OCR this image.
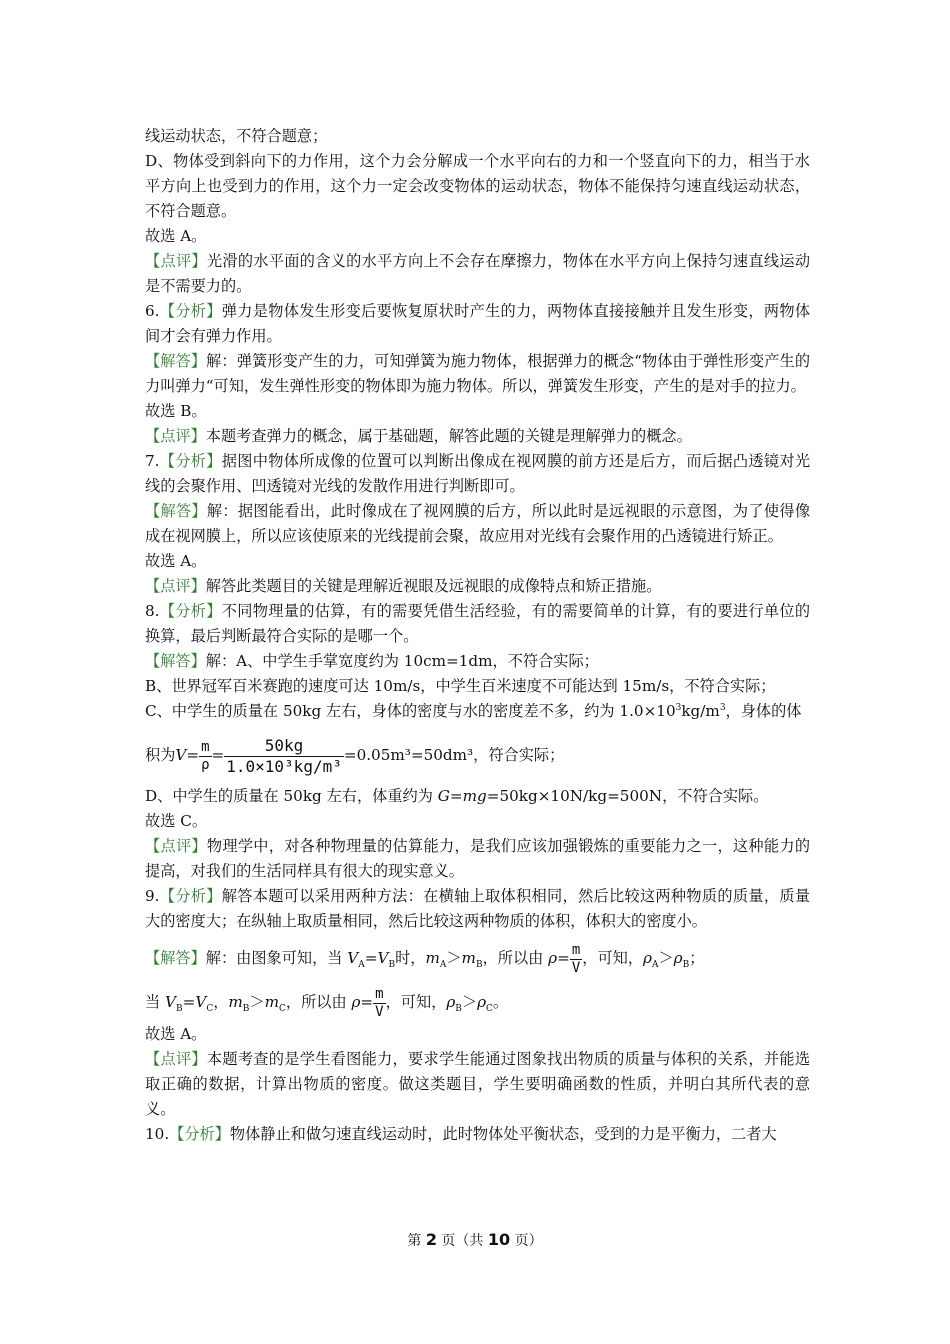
线运动状态，不符合题意；

D、物体受到斜向下的力作用，这个力会分解成一个水平向右的力和一个竖直向下的力，相当于水平方向上也受到力的作用，这个力一定会改变物体的运动状态，物体不能保持匀速直线运动状态，不符合题意。

故选 A。

【点评】光滑的水平面的含义的水平方向上不会存在摩擦力，物体在水平方向上保持匀速直线运动是不需要力的。

6.【分析】弹力是物体发生形变后要恢复原状时产生的力，两物体直接接触并且发生形变，两物体间才会有弹力作用。

【解答】解：弹簧形变产生的力，可知弹簧为施力物体，根据弹力的概念“物体由于弹性形变产生的力叫弹力“可知，发生弹性形变的物体即为施力物体。所以，弹簧发生形变，产生的是对手的拉力。

故选 B。

【点评】本题考查弹力的概念，属于基础题，解答此题的关键是理解弹力的概念。

7.【分析】据图中物体所成像的位置可以判断出像成在视网膜的前方还是后方，而后据凸透镜对光线的会聚作用、凹透镜对光线的发散作用进行判断即可。

【解答】解：据图能看出，此时像成在了视网膜的后方，所以此时是远视眼的示意图，为了使得像成在视网膜上，所以应该使原来的光线提前会聚，故应用对光线有会聚作用的凸透镜进行矫正。

故选 A。

【点评】解答此类题目的关键是理解近视眼及远视眼的成像特点和矫正措施。

8.【分析】不同物理量的估算，有的需要凭借生活经验，有的需要简单的计算，有的要进行单位的换算，最后判断最符合实际的是哪一个。

【解答】解：A、中学生手掌宽度约为 10cm=1dm，不符合实际；

B、世界冠军百米赛跑的速度可达 10m/s，中学生百米速度不可能达到 15m/s，不符合实际；

C、中学生的质量在 50kg 左右，身体的密度与水的密度差不多，约为 $1.0\times 10^3kg/m^3$，身体的体

积为$V= \frac{m}{\rho} = \frac{50kg}{\text{1.0×10³kg/m³}} =0.05m^3=50dm^3$，符合实际；

D、中学生的质量在 50kg 左右，体重约为 G=mg=50kg×10N/kg=500N，不符合实际。

故选 C。

【点评】物理学中，对各种物理量的估算能力，是我们应该加强锻炼的重要能力之一，这种能力的提高，对我们的生活同样具有很大的现实意义。

9.【分析】解答本题可以采用两种方法：在横轴上取体积相同，然后比较这两种物质的质量，质量大的密度大；在纵轴上取质量相同，然后比较这两种物质的体积，体积大的密度小。

【解答】解：由图象可知，当 $V_A=V_B$时，$m_A>m_B$，所以由 $\rho= \frac{m}{V}$ ，可知，$\rho_A>\rho_B$；
当 $V_B=V_C$，$m_B>m_C$，所以由 $\rho= \frac{m}{V}$ ，可知，$\rho_B>\rho_C$。

故选 A。

【点评】本题考查的是学生看图能力，要求学生能通过图象找出物质的质量与体积的关系，并能选取正确的数据，计算出物质的密度。做这类题目，学生要明确函数的性质，并明白其所代表的意义。

10.【分析】物体静止和做匀速直线运动时，此时物体处平衡状态，受到的力是平衡力，二者大

第 2 页（共 10 页）
